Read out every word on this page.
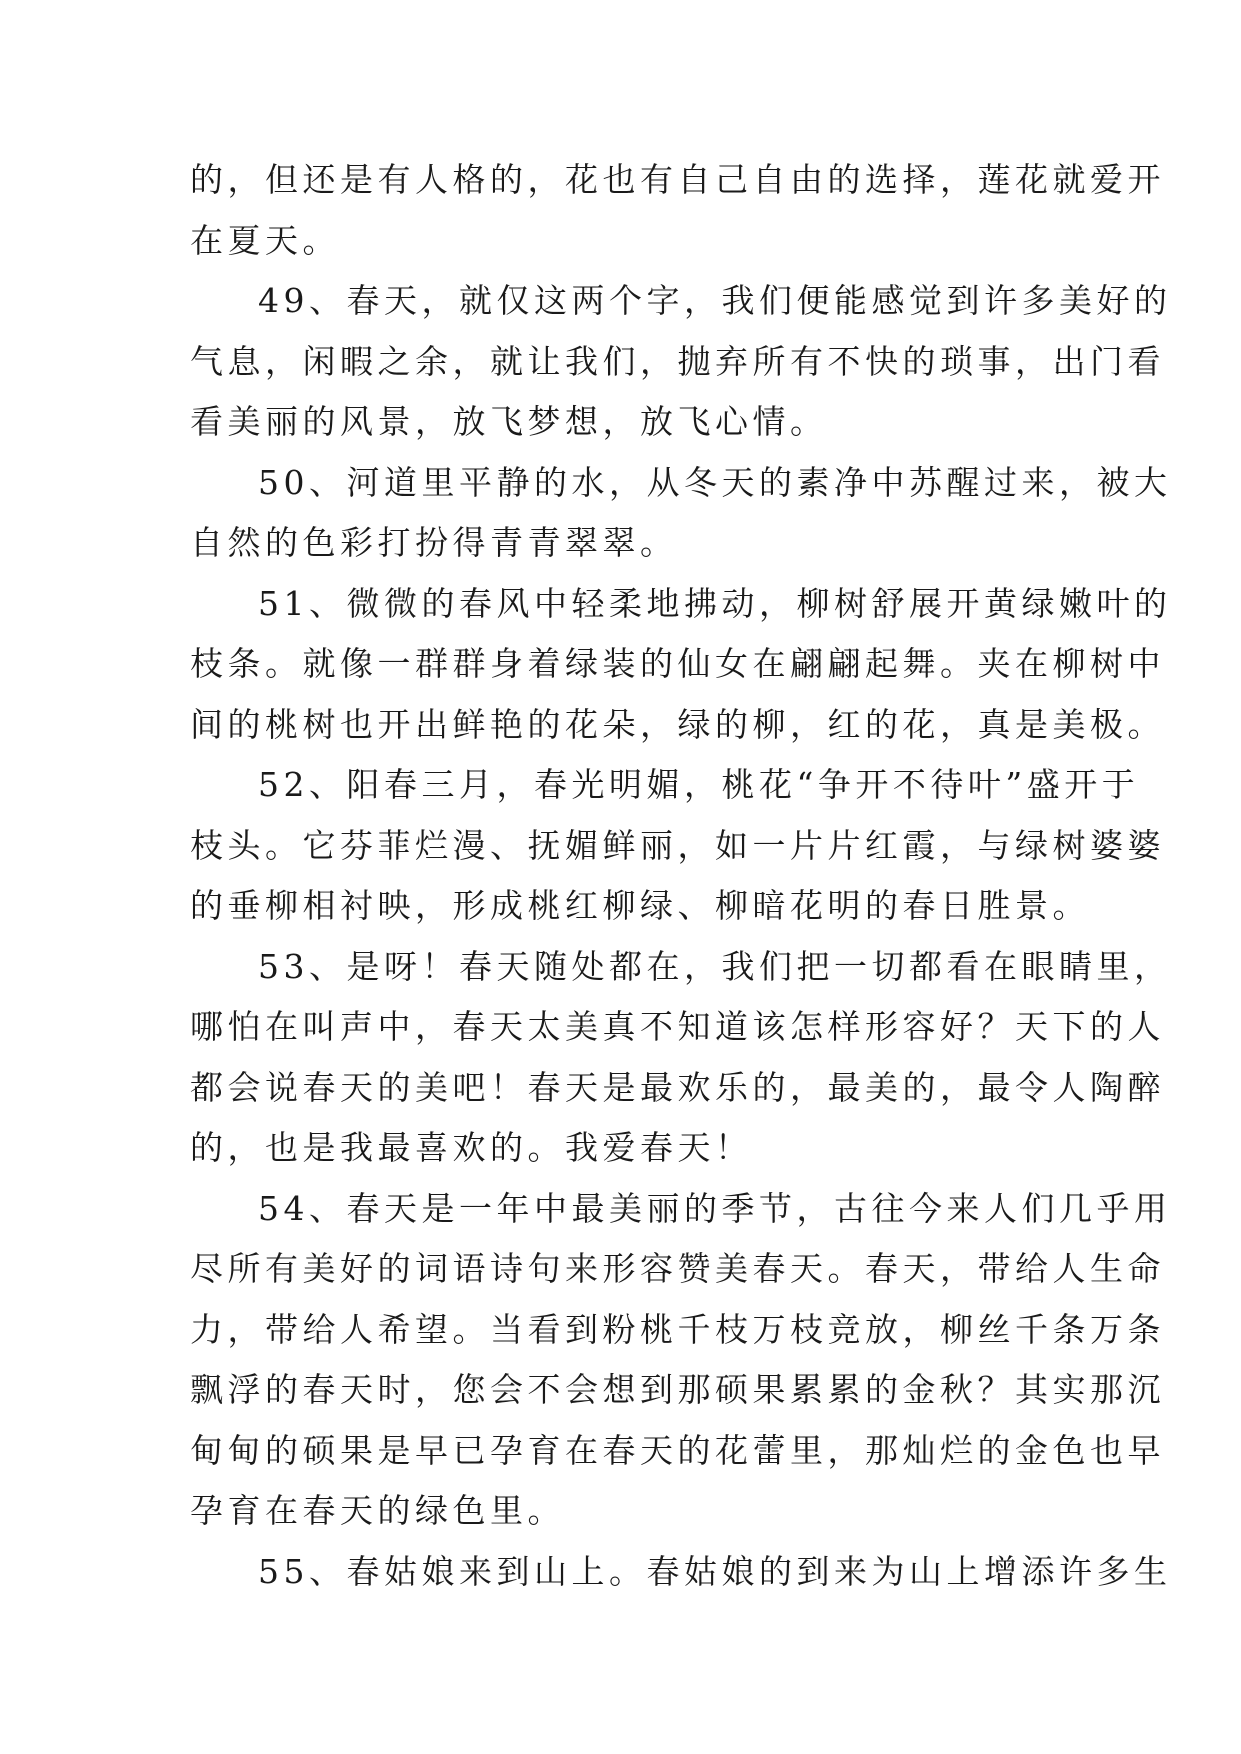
的，但还是有人格的，花也有自己自由的选择，莲花就爱开
在夏天。
49、春天，就仅这两个字，我们便能感觉到许多美好的
气息，闲暇之余，就让我们，抛弃所有不快的琐事，出门看
看美丽的风景，放飞梦想，放飞心情。
50、河道里平静的水，从冬天的素净中苏醒过来，被大
自然的色彩打扮得青青翠翠。
51、微微的春风中轻柔地拂动，柳树舒展开黄绿嫩叶的
枝条。就像一群群身着绿装的仙女在翩翩起舞。夹在柳树中
间的桃树也开出鲜艳的花朵，绿的柳，红的花，真是美极。
52、阳春三月，春光明媚，桃花“争开不待叶”盛开于
枝头。它芬菲烂漫、抚媚鲜丽，如一片片红霞，与绿树婆婆
的垂柳相衬映，形成桃红柳绿、柳暗花明的春日胜景。
53、是呀！春天随处都在，我们把一切都看在眼睛里，
哪怕在叫声中，春天太美真不知道该怎样形容好？天下的人
都会说春天的美吧！春天是最欢乐的，最美的，最令人陶醉
的，也是我最喜欢的。我爱春天！
54、春天是一年中最美丽的季节，古往今来人们几乎用
尽所有美好的词语诗句来形容赞美春天。春天，带给人生命
力，带给人希望。当看到粉桃千枝万枝竞放，柳丝千条万条
飘浮的春天时，您会不会想到那硕果累累的金秋？其实那沉
甸甸的硕果是早已孕育在春天的花蕾里，那灿烂的金色也早
孕育在春天的绿色里。
55、春姑娘来到山上。春姑娘的到来为山上增添许多生
